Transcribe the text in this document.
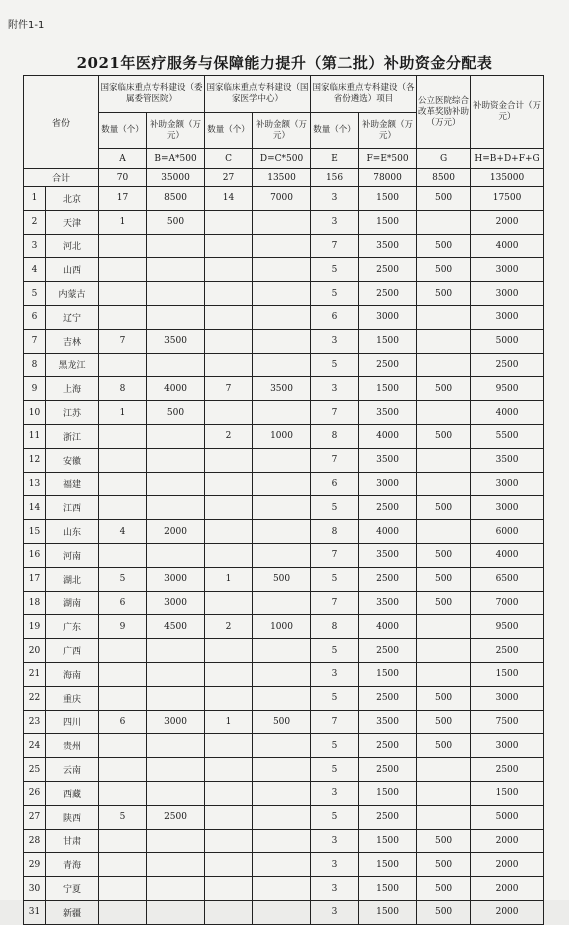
附件1-1
2021年医疗服务与保障能力提升（第二批）补助资金分配表
省份		国家临床重点专科建设（委属委管医院）		国家临床重点专科建设（国家医学中心）		国家临床重点专科建设（各省份遴选）项目		公立医院综合改革奖励补助（万元）	补助资金合计（万元）
		数量（个）	补助金额（万元）	数量（个）	补助金额（万元）	数量（个）	补助金额（万元）		
		A	B=A*500	C	D=C*500	E	F=E*500	G	H=B+D+F+G
合计		70	35000	27	13500	156	78000	8500	135000
1	北京	17	8500	14	7000	3	1500	500	17500
2	天津	1	500			3	1500		2000
3	河北					7	3500	500	4000
4	山西					5	2500	500	3000
5	内蒙古					5	2500	500	3000
6	辽宁					6	3000		3000
7	吉林	7	3500			3	1500		5000
8	黑龙江					5	2500		2500
9	上海	8	4000	7	3500	3	1500	500	9500
10	江苏	1	500			7	3500		4000
11	浙江			2	1000	8	4000	500	5500
12	安徽					7	3500		3500
13	福建					6	3000		3000
14	江西					5	2500	500	3000
15	山东	4	2000			8	4000		6000
16	河南					7	3500	500	4000
17	湖北	5	3000	1	500	5	2500	500	6500
18	湖南	6	3000			7	3500	500	7000
19	广东	9	4500	2	1000	8	4000		9500
20	广西					5	2500		2500
21	海南					3	1500		1500
22	重庆					5	2500	500	3000
23	四川	6	3000	1	500	7	3500	500	7500
24	贵州					5	2500	500	3000
25	云南					5	2500		2500
26	西藏					3	1500		1500
27	陕西	5	2500			5	2500		5000
28	甘肃					3	1500	500	2000
29	青海					3	1500	500	2000
30	宁夏					3	1500	500	2000
31	新疆					3	1500	500	2000
